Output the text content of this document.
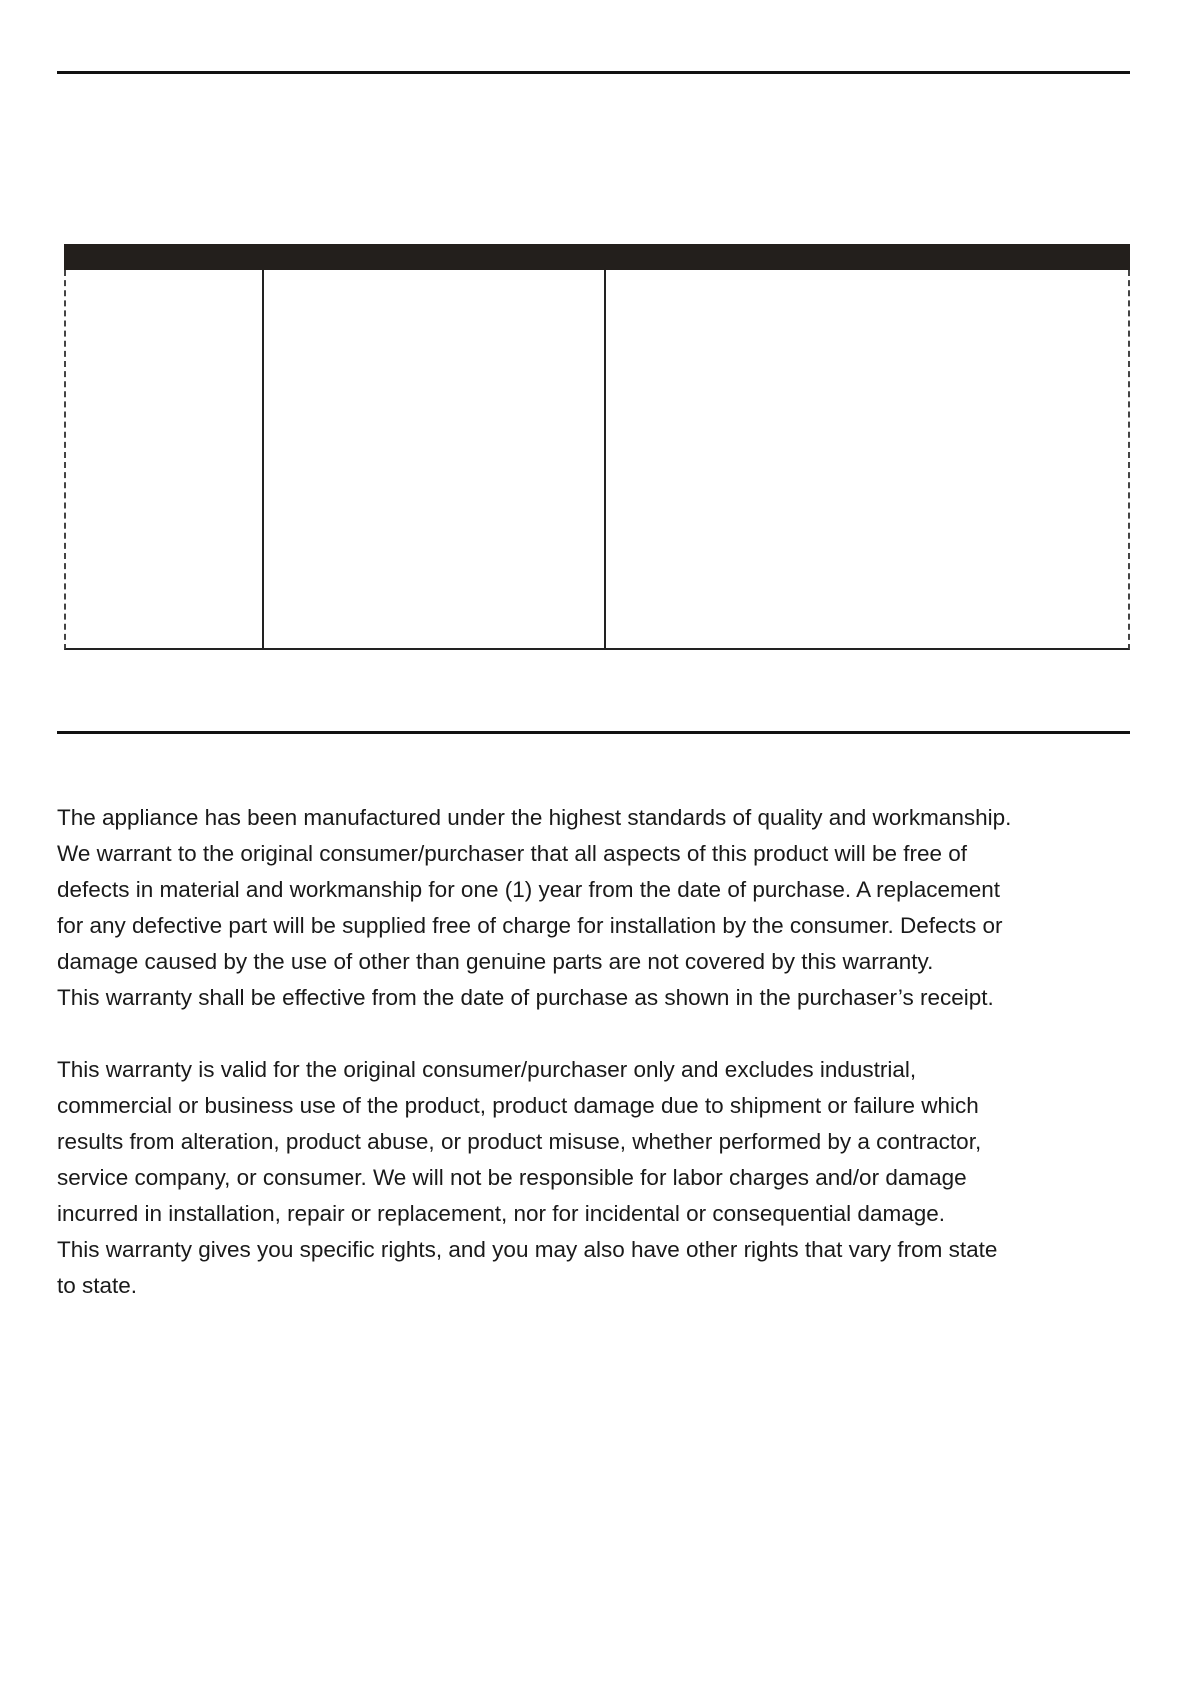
The appliance has been manufactured under the highest standards of quality and workmanship.
We warrant to the original consumer/purchaser that all aspects of this product will be free of
defects in material and workmanship for one (1) year from the date of purchase. A replacement
for any defective part will be supplied free of charge for installation by the consumer. Defects or
damage caused by the use of other than genuine parts are not covered by this warranty.
This warranty shall be effective from the date of purchase as shown in the purchaser’s receipt.
This warranty is valid for the original consumer/purchaser only and excludes industrial,
commercial or business use of the product, product damage due to shipment or failure which
results from alteration, product abuse, or product misuse, whether performed by a contractor,
service company, or consumer. We will not be responsible for labor charges and/or damage
incurred in installation, repair or replacement, nor for incidental or consequential damage.
This warranty gives you specific rights, and you may also have other rights that vary from state
to state.
